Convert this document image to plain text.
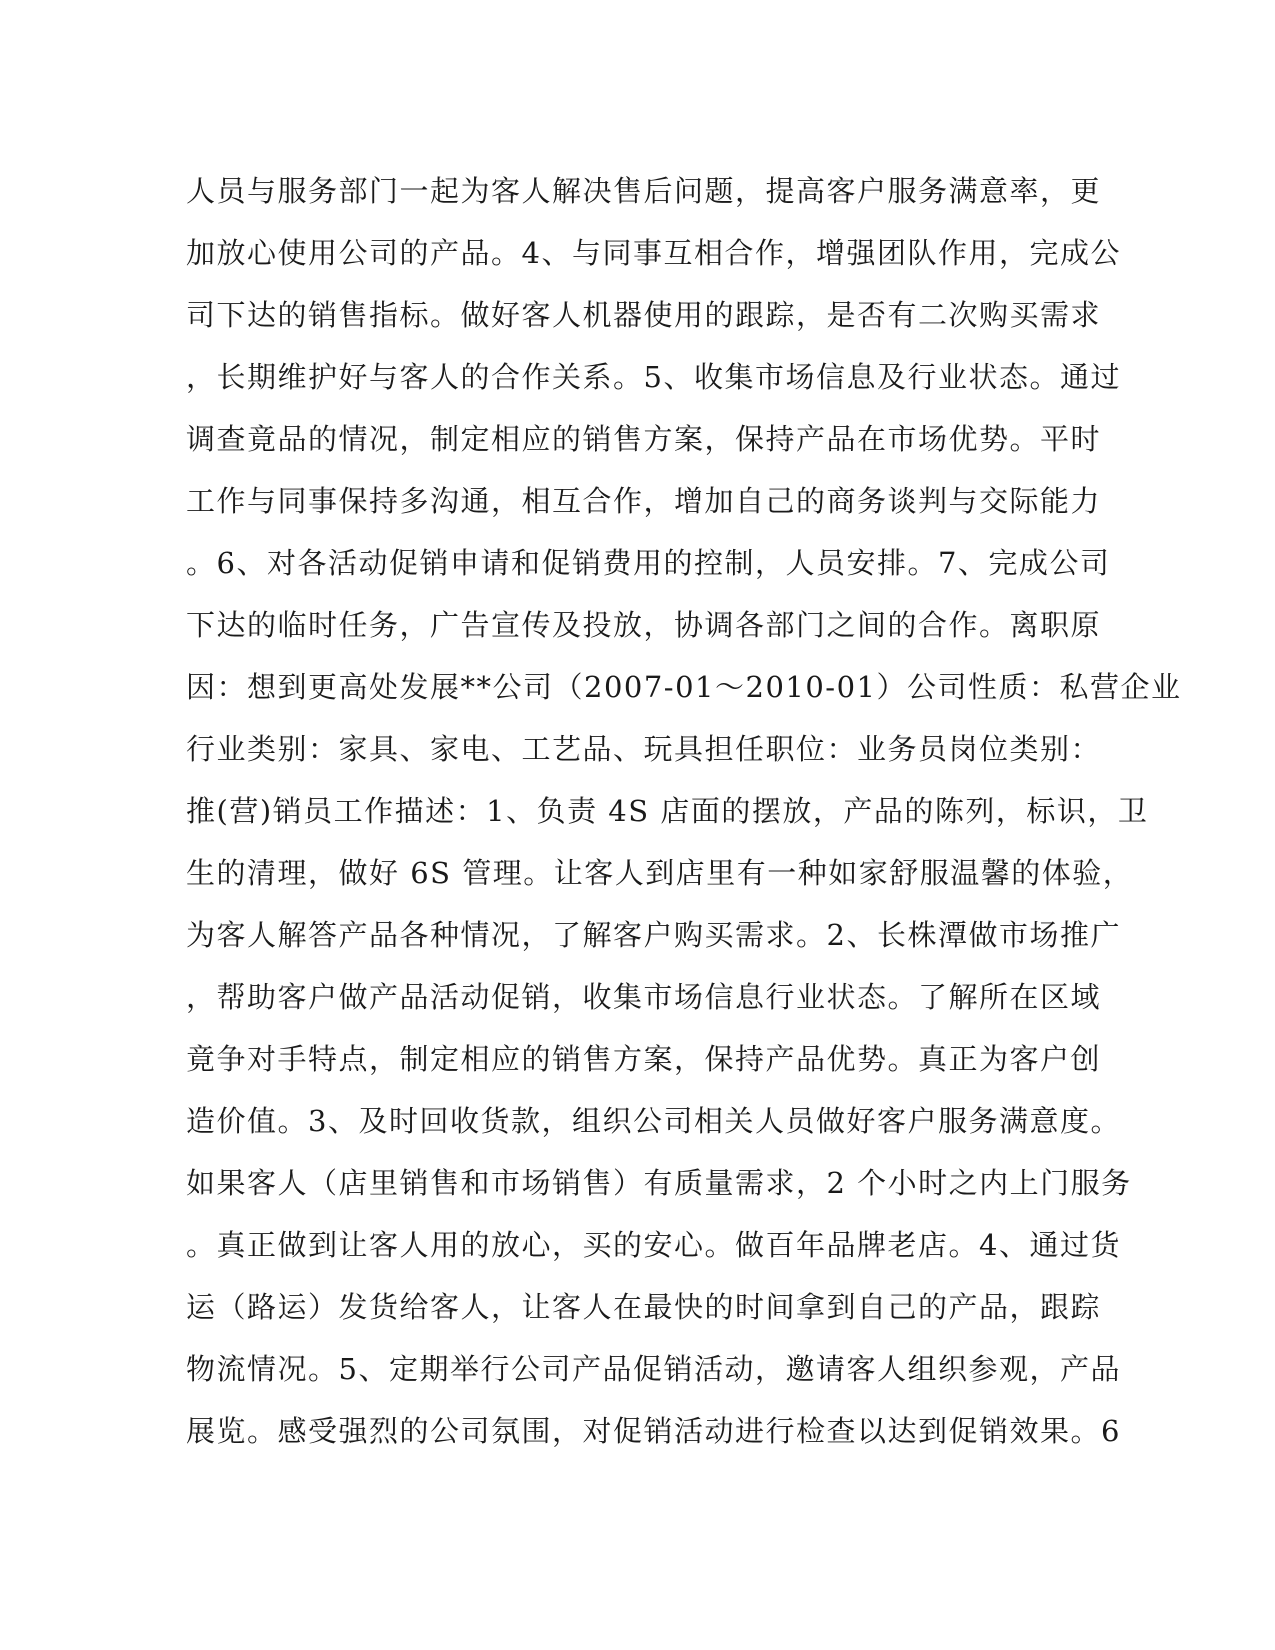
人员与服务部门一起为客人解决售后问题，提高客户服务满意率，更

加放心使用公司的产品。4、与同事互相合作，增强团队作用，完成公

司下达的销售指标。做好客人机器使用的跟踪，是否有二次购买需求

，长期维护好与客人的合作关系。5、收集市场信息及行业状态。通过

调查竟品的情况，制定相应的销售方案，保持产品在市场优势。平时

工作与同事保持多沟通，相互合作，增加自己的商务谈判与交际能力

。6、对各活动促销申请和促销费用的控制，人员安排。7、完成公司

下达的临时任务，广告宣传及投放，协调各部门之间的合作。离职原

因：想到更高处发展**公司（2007-01～2010-01）公司性质：私营企业

行业类别：家具、家电、工艺品、玩具担任职位：业务员岗位类别：

推(营)销员工作描述：1、负责 4S 店面的摆放，产品的陈列，标识，卫

生的清理，做好 6S 管理。让客人到店里有一种如家舒服温馨的体验，

为客人解答产品各种情况，了解客户购买需求。2、长株潭做市场推广

，帮助客户做产品活动促销，收集市场信息行业状态。了解所在区域

竟争对手特点，制定相应的销售方案，保持产品优势。真正为客户创

造价值。3、及时回收货款，组织公司相关人员做好客户服务满意度。

如果客人（店里销售和市场销售）有质量需求，2 个小时之内上门服务

。真正做到让客人用的放心，买的安心。做百年品牌老店。4、通过货

运（路运）发货给客人，让客人在最快的时间拿到自己的产品，跟踪

物流情况。5、定期举行公司产品促销活动，邀请客人组织参观，产品

展览。感受强烈的公司氛围，对促销活动进行检查以达到促销效果。6
